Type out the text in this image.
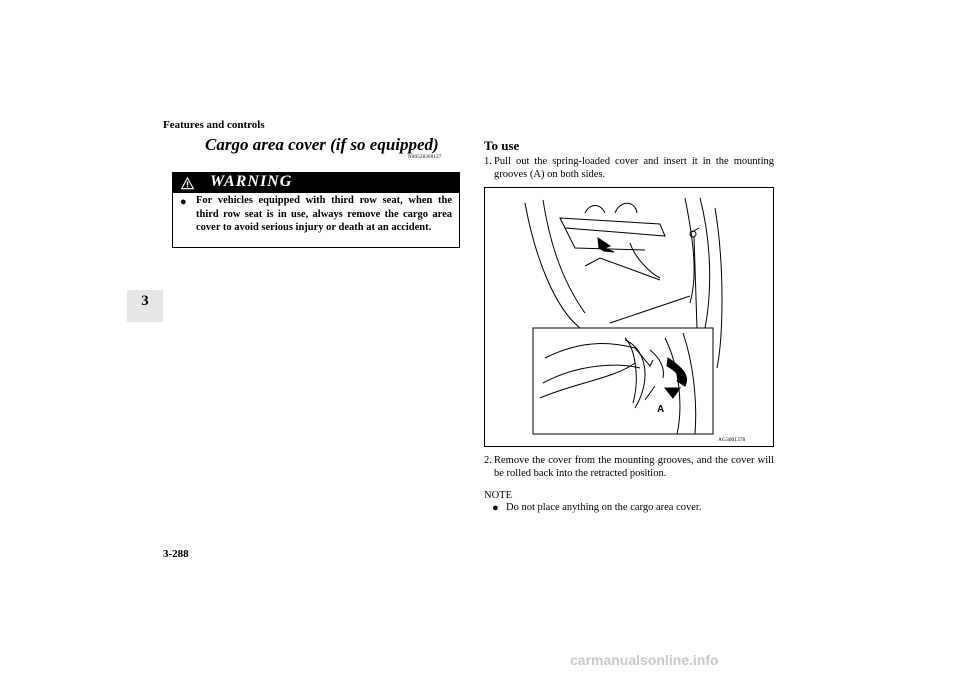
Features and controls
3
Cargo area cover (if so equipped)
N00528300127
WARNING
● For vehicles equipped with third row seat, when the third row seat is in use, always remove the cargo area cover to avoid serious injury or death at an accident.
To use
1. Pull out the spring-loaded cover and insert it in the mounting grooves (A) on both sides.
A
AG3001378
2. Remove the cover from the mounting grooves, and the cover will be rolled back into the retracted position.
NOTE
● Do not place anything on the cargo area cover.
3-288
carmanualsonline.info
